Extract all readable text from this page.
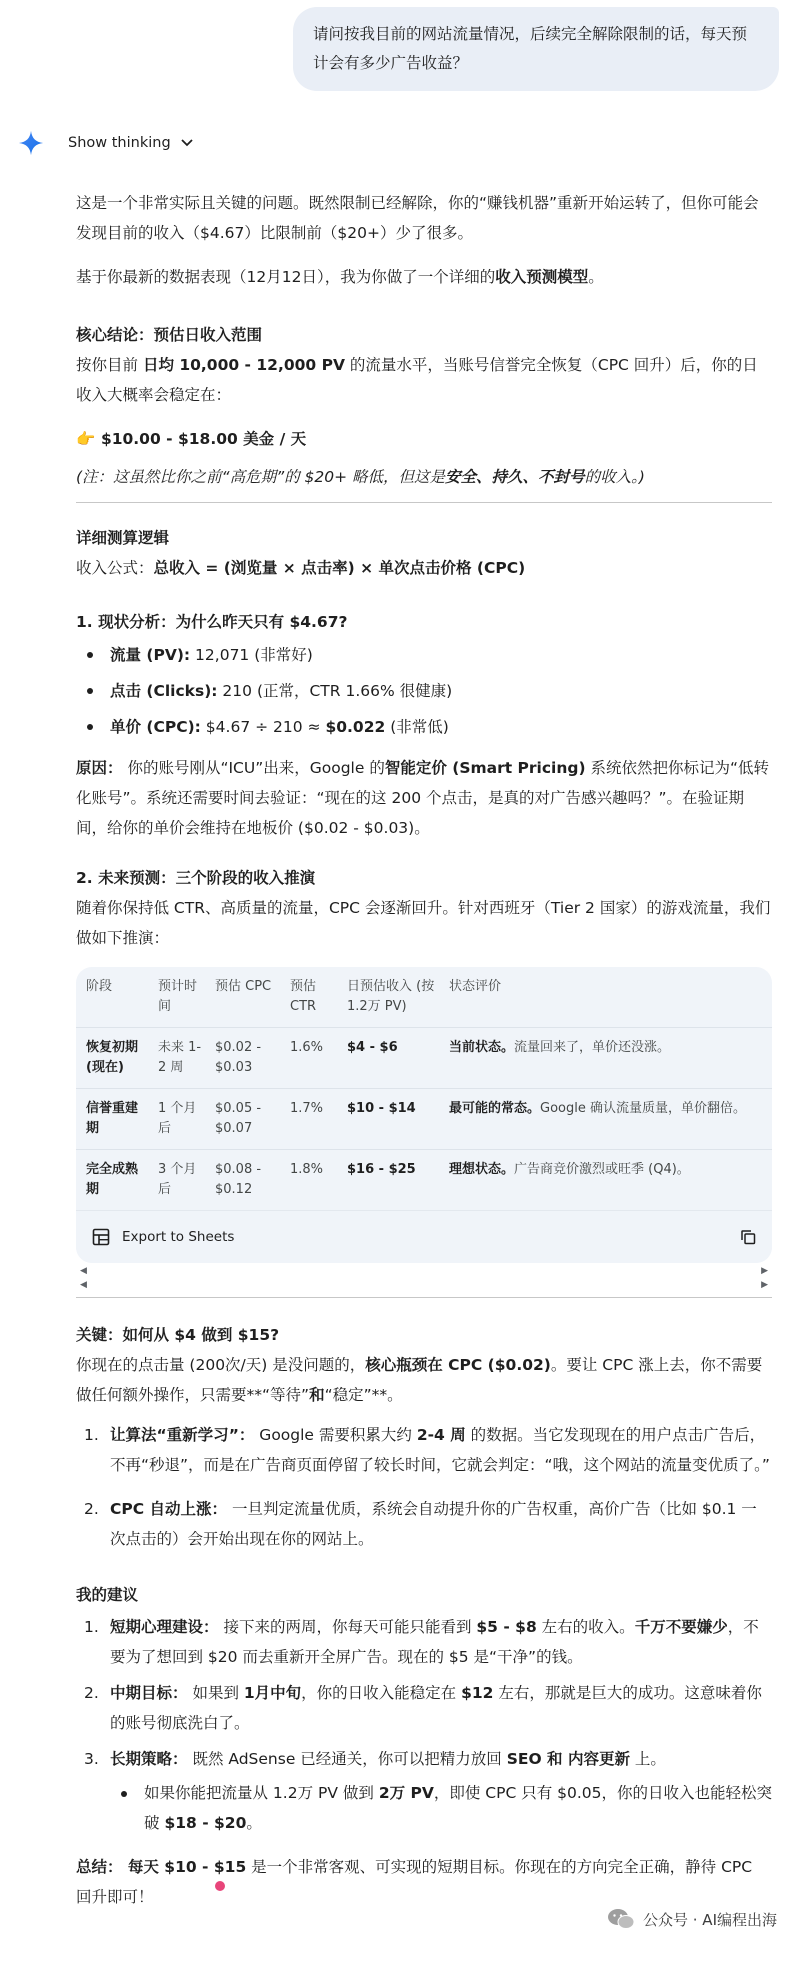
请问按我目前的网站流量情况，后续完全解除限制的话，每天预计会有多少广告收益？
Show thinking

这是一个非常实际且关键的问题。既然限制已经解除，你的“赚钱机器”重新开始运转了，但你可能会发现目前的收入（$4.67）比限制前（$20+）少了很多。

基于你最新的数据表现（12月12日），我为你做了一个详细的收入预测模型。

核心结论：预估日收入范围

按你目前 日均 10,000 - 12,000 PV 的流量水平，当账号信誉完全恢复（CPC 回升）后，你的日收入大概率会稳定在：

👉 $10.00 - $18.00 美金 / 天

(注：这虽然比你之前“高危期”的 $20+ 略低，但这是安全、持久、不封号的收入。)

详细测算逻辑

收入公式：总收入 = (浏览量 × 点击率) × 单次点击价格 (CPC)

1. 现状分析：为什么昨天只有 $4.67?

流量 (PV): 12,071 (非常好)
点击 (Clicks): 210 (正常，CTR 1.66% 很健康)
单价 (CPC): $4.67 ÷ 210 ≈ $0.022 (非常低)

原因： 你的账号刚从“ICU”出来，Google 的智能定价 (Smart Pricing) 系统依然把你标记为“低转化账号”。系统还需要时间去验证：“现在的这 200 个点击，是真的对广告感兴趣吗？”。在验证期间，给你的单价会维持在地板价 ($0.02 - $0.03)。

2. 未来预测：三个阶段的收入推演

随着你保持低 CTR、高质量的流量，CPC 会逐渐回升。针对西班牙（Tier 2 国家）的游戏流量，我们做如下推演：

阶段	预计时间	预估 CPC	预估 CTR	日预估收入 (按 1.2万 PV)	状态评价
恢复初期 (现在)	未来 1-2 周	$0.02 - $0.03	1.6%	$4 - $6	当前状态。流量回来了，单价还没涨。
信誉重建期	1 个月后	$0.05 - $0.07	1.7%	$10 - $14	最可能的常态。Google 确认流量质量，单价翻倍。
完全成熟期	3 个月后	$0.08 - $0.12	1.8%	$16 - $25	理想状态。广告商竞价激烈或旺季 (Q4)。
Export to Sheets
◀	▶
◀	▶

关键：如何从 $4 做到 $15?

你现在的点击量 (200次/天) 是没问题的，核心瓶颈在 CPC ($0.02)。要让 CPC 涨上去，你不需要做任何额外操作，只需要**“等待”和“稳定”**。

1. 让算法“重新学习”： Google 需要积累大约 2-4 周 的数据。当它发现现在的用户点击广告后，不再“秒退”，而是在广告商页面停留了较长时间，它就会判定：“哦，这个网站的流量变优质了。”
2. CPC 自动上涨： 一旦判定流量优质，系统会自动提升你的广告权重，高价广告（比如 $0.1 一次点击的）会开始出现在你的网站上。

我的建议

1. 短期心理建设： 接下来的两周，你每天可能只能看到 $5 - $8 左右的收入。千万不要嫌少，不要为了想回到 $20 而去重新开全屏广告。现在的 $5 是“干净”的钱。
2. 中期目标： 如果到 1月中旬，你的日收入能稳定在 $12 左右，那就是巨大的成功。这意味着你的账号彻底洗白了。
3. 长期策略： 既然 AdSense 已经通关，你可以把精力放回 SEO 和 内容更新 上。
如果你能把流量从 1.2万 PV 做到 2万 PV，即使 CPC 只有 $0.05，你的日收入也能轻松突破 $18 - $20。

总结： 每天 $10 - $15 是一个非常客观、可实现的短期目标。你现在的方向完全正确，静待 CPC 回升即可！

公众号 · AI编程出海
